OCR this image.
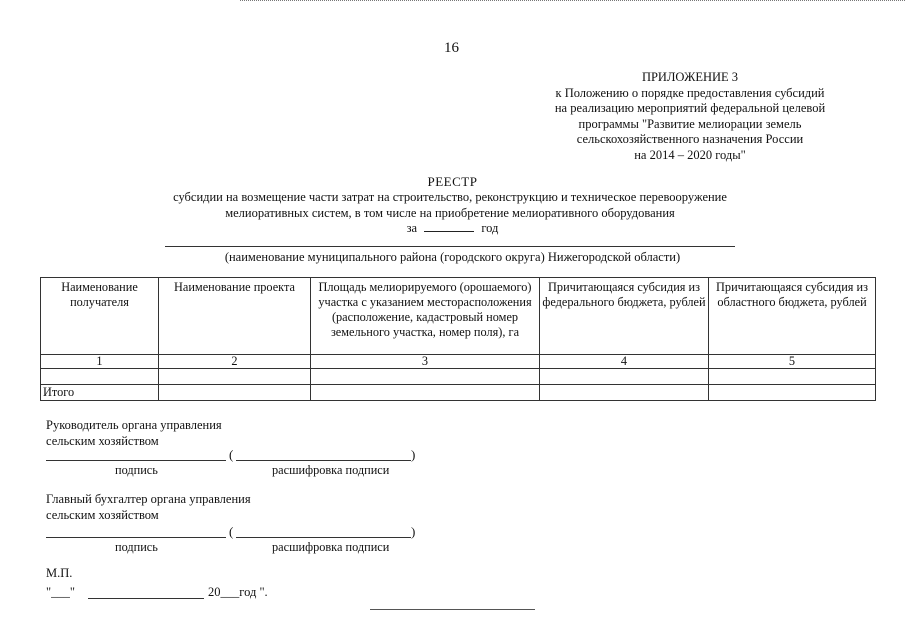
16
ПРИЛОЖЕНИЕ 3
к Положению о порядке предоставления субсидий
на реализацию мероприятий федеральной целевой
программы "Развитие мелиорации земель
сельскохозяйственного назначения России
на 2014 – 2020 годы"
РЕЕСТР
субсидии на возмещение части затрат на строительство, реконструкцию и техническое перевооружение
мелиоративных систем, в том числе на приобретение мелиоративного оборудования
за	год
(наименование муниципального района (городского округа) Нижегородской области)
Наименование получателя	Наименование проекта	Площадь мелиорируемого (орошаемого) участка с указанием месторасположения (расположение, кадастровый номер земельного участка, номер поля), га	Причитающаяся субсидия из федерального бюджета, рублей	Причитающаяся субсидия из областного бюджета, рублей
1	2	3	4	5

Итого				
Руководитель органа управления
сельским хозяйством
(	)
подпись	расшифровка подписи
Главный бухгалтер органа управления
сельским хозяйством
(	)
подпись	расшифровка подписи
М.П.
"___"	20___год ".
